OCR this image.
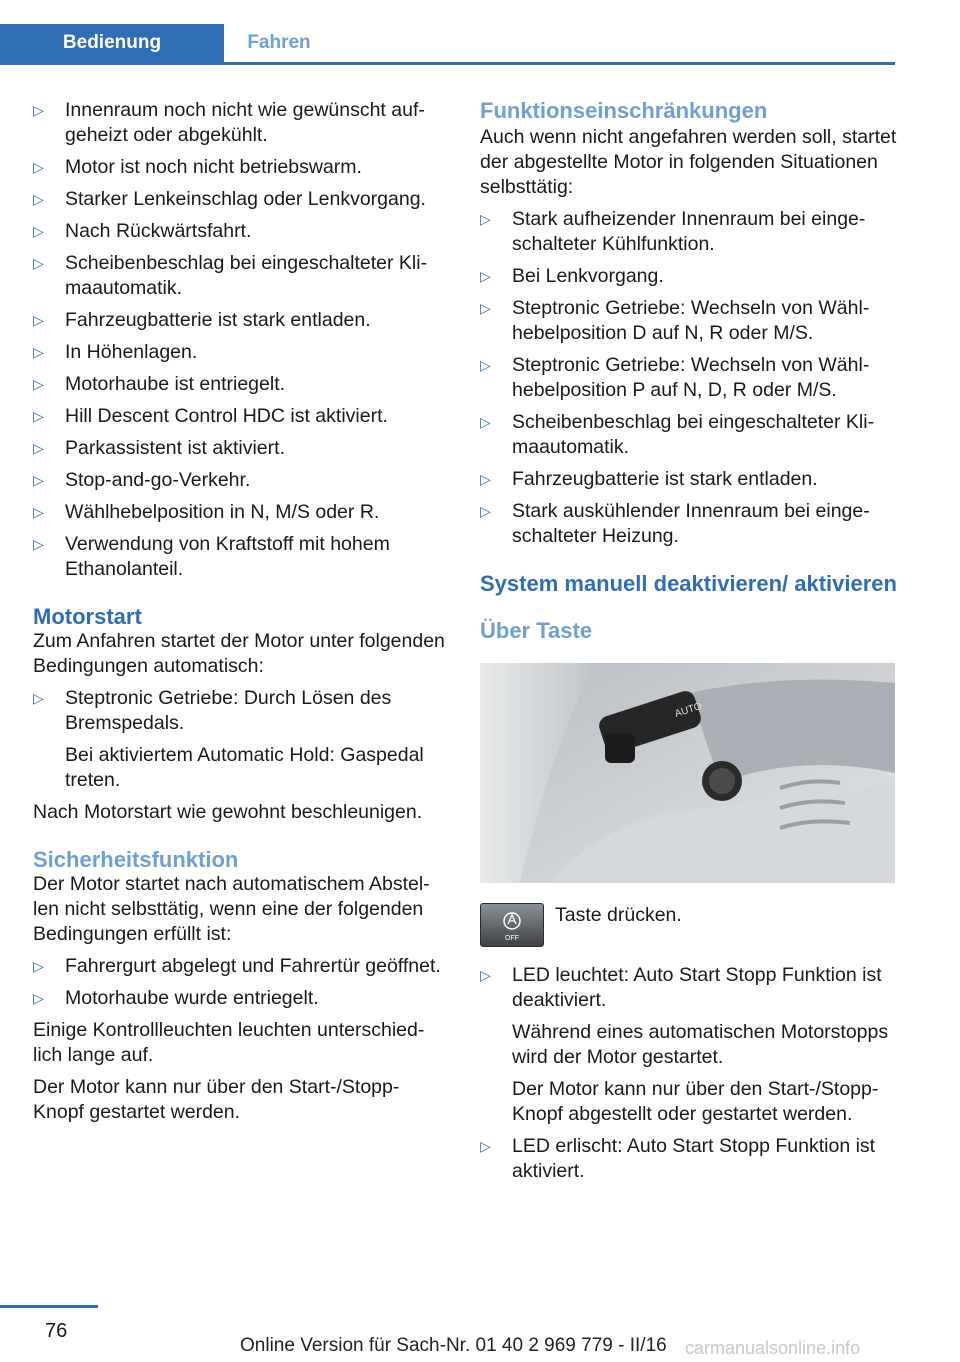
Bedienung	Fahren
▷ Innenraum noch nicht wie gewünscht aufgeheizt oder abgekühlt.
▷ Motor ist noch nicht betriebswarm.
▷ Starker Lenkeinschlag oder Lenkvorgang.
▷ Nach Rückwärtsfahrt.
▷ Scheibenbeschlag bei eingeschalteter Klimaautomatik.
▷ Fahrzeugbatterie ist stark entladen.
▷ In Höhenlagen.
▷ Motorhaube ist entriegelt.
▷ Hill Descent Control HDC ist aktiviert.
▷ Parkassistent ist aktiviert.
▷ Stop-and-go-Verkehr.
▷ Wählhebelposition in N, M/S oder R.
▷ Verwendung von Kraftstoff mit hohem Ethanolanteil.
Motorstart

Zum Anfahren startet der Motor unter folgenden Bedingungen automatisch:

▷ Steptronic Getriebe: Durch Lösen des Bremspedals.
Bei aktiviertem Automatic Hold: Gaspedal treten.

Nach Motorstart wie gewohnt beschleunigen.

Sicherheitsfunktion

Der Motor startet nach automatischem Abstellen nicht selbsttätig, wenn eine der folgenden Bedingungen erfüllt ist:

▷ Fahrergurt abgelegt und Fahrertür geöffnet.
▷ Motorhaube wurde entriegelt.

Einige Kontrollleuchten leuchten unterschiedlich lange auf.

Der Motor kann nur über den Start-/Stopp-Knopf gestartet werden.

Funktionseinschränkungen

Auch wenn nicht angefahren werden soll, startet der abgestellte Motor in folgenden Situationen selbsttätig:

▷ Stark aufheizender Innenraum bei eingeschalteter Kühlfunktion.
▷ Bei Lenkvorgang.
▷ Steptronic Getriebe: Wechseln von Wählhebelposition D auf N, R oder M/S.
▷ Steptronic Getriebe: Wechseln von Wählhebelposition P auf N, D, R oder M/S.
▷ Scheibenbeschlag bei eingeschalteter Klimaautomatik.
▷ Fahrzeugbatterie ist stark entladen.
▷ Stark auskühlender Innenraum bei eingeschalteter Heizung.
System manuell deaktivieren/ aktivieren
Über Taste
AUTO
OFF
Taste drücken.
▷ LED leuchtet: Auto Start Stopp Funktion ist deaktiviert.
Während eines automatischen Motorstopps wird der Motor gestartet.
Der Motor kann nur über den Start-/Stopp-Knopf abgestellt oder gestartet werden.
▷ LED erlischt: Auto Start Stopp Funktion ist aktiviert.
76
Online Version für Sach-Nr. 01 40 2 969 779 - II/16 carmanualsonline.info
